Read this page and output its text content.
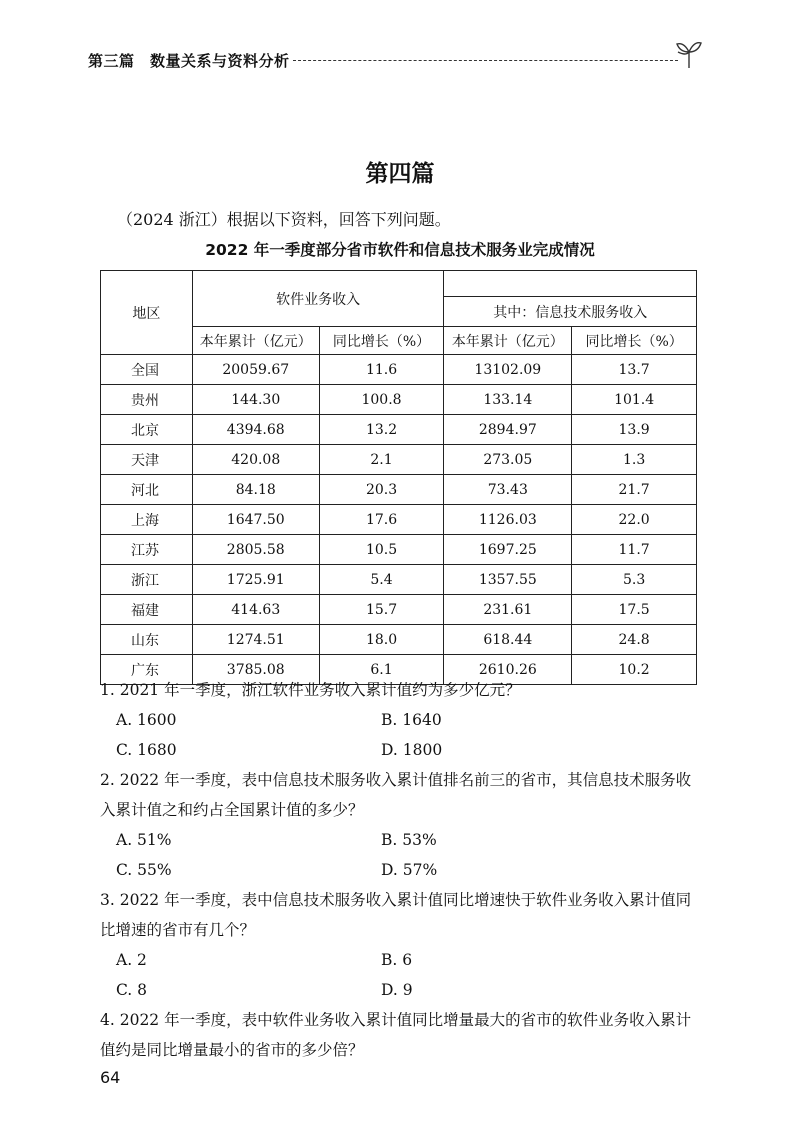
第三篇　数量关系与资料分析
第四篇
（2024 浙江）根据以下资料，回答下列问题。
2022 年一季度部分省市软件和信息技术服务业完成情况
地区	软件业务收入			
			其中：信息技术服务收入	
	本年累计（亿元）	同比增长（%）	本年累计（亿元）	同比增长（%）
全国	20059.67	11.6	13102.09	13.7
贵州	144.30	100.8	133.14	101.4
北京	4394.68	13.2	2894.97	13.9
天津	420.08	2.1	273.05	1.3
河北	84.18	20.3	73.43	21.7
上海	1647.50	17.6	1126.03	22.0
江苏	2805.58	10.5	1697.25	11.7
浙江	1725.91	5.4	1357.55	5.3
福建	414.63	15.7	231.61	17.5
山东	1274.51	18.0	618.44	24.8
广东	3785.08	6.1	2610.26	10.2

1. 2021 年一季度，浙江软件业务收入累计值约为多少亿元？

A. 1600	B. 1640
C. 1680	D. 1800

2. 2022 年一季度，表中信息技术服务收入累计值排名前三的省市，其信息技术服务收入累计值之和约占全国累计值的多少？

A. 51%	B. 53%
C. 55%	D. 57%

3. 2022 年一季度，表中信息技术服务收入累计值同比增速快于软件业务收入累计值同比增速的省市有几个？

A. 2	B. 6
C. 8	D. 9

4. 2022 年一季度，表中软件业务收入累计值同比增量最大的省市的软件业务收入累计值约是同比增量最小的省市的多少倍？

64
